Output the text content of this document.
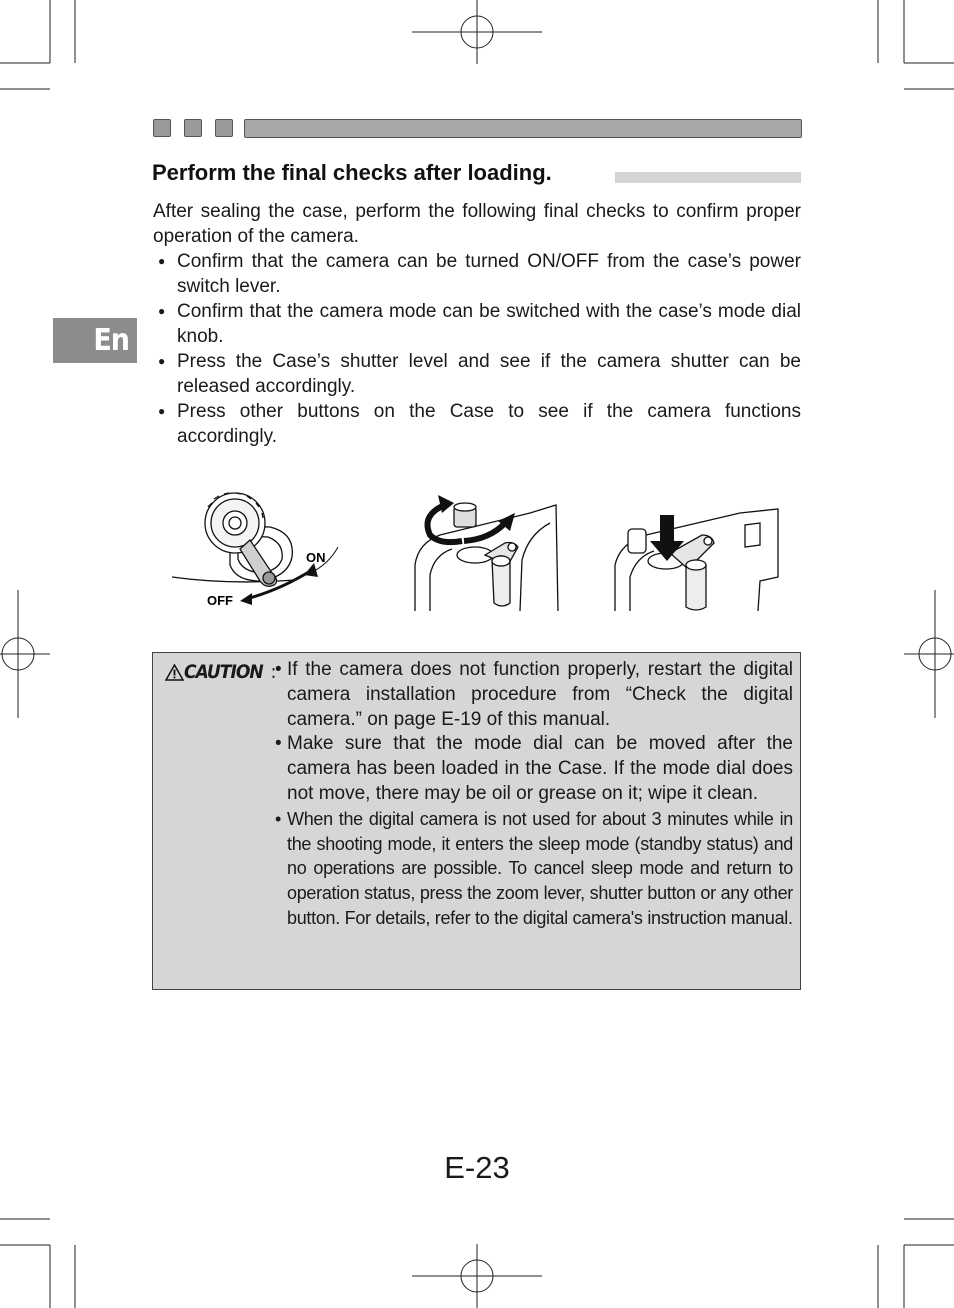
En
Perform the final checks after loading.
After sealing the case, perform the following final checks to confirm proper operation of the camera.
● Confirm that the camera can be turned ON/OFF from the case’s power switch lever.
● Confirm that the camera mode can be switched with the case’s mode dial knob.
● Press the Case’s shutter level and see if the camera shutter can be released accordingly.
● Press other buttons on the Case to see if the camera functions accordingly.
ON
OFF
CAUTION :
• If the camera does not function properly, restart the digital camera installation procedure from “Check the digital camera.” on page E-19 of this manual.
• Make sure that the mode dial can be moved after the camera has been loaded in the Case. If the mode dial does not move, there may be oil or grease on it; wipe it clean.
• When the digital camera is not used for about 3 minutes while in the shooting mode, it enters the sleep mode (standby status) and no operations are possible. To cancel sleep mode and return to operation status, press the zoom lever, shutter button or any other button. For details, refer to the digital camera's instruction manual.
E-23
